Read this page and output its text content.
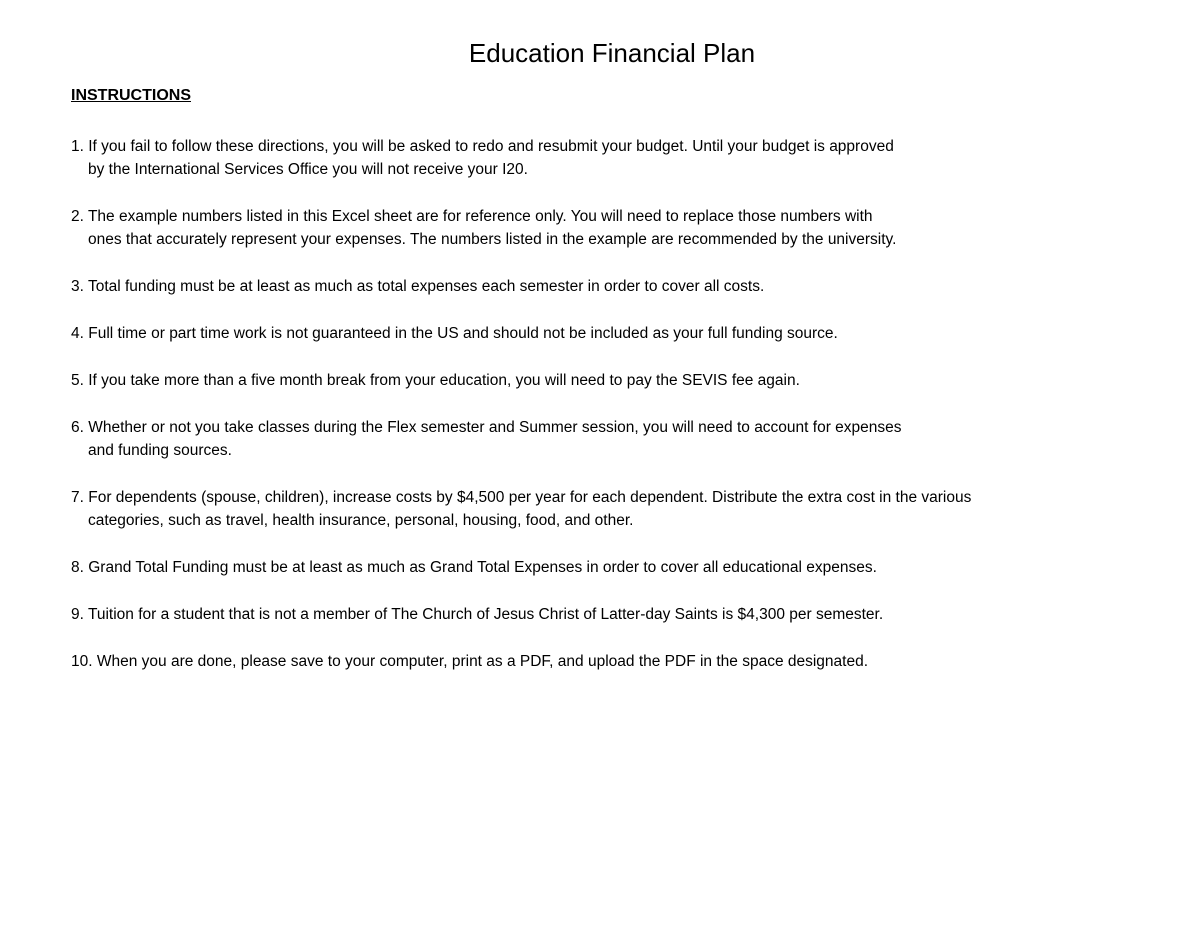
Education Financial Plan
INSTRUCTIONS
1. If you fail to follow these directions, you will be asked to redo and resubmit your budget. Until your budget is approved
by the International Services Office you will not receive your I20.
2. The example numbers listed in this Excel sheet are for reference only. You will need to replace those numbers with
ones that accurately represent your expenses. The numbers listed in the example are recommended by the university.
3. Total funding must be at least as much as total expenses each semester in order to cover all costs.
4. Full time or part time work is not guaranteed in the US and should not be included as your full funding source.
5. If you take more than a five month break from your education, you will need to pay the SEVIS fee again.
6. Whether or not you take classes during the Flex semester and Summer session, you will need to account for expenses
and funding sources.
7. For dependents (spouse, children), increase costs by $4,500 per year for each dependent. Distribute the extra cost in the various
categories, such as travel, health insurance, personal, housing, food, and other.
8. Grand Total Funding must be at least as much as Grand Total Expenses in order to cover all educational expenses.
9. Tuition for a student that is not a member of The Church of Jesus Christ of Latter-day Saints is $4,300 per semester.
10. When you are done, please save to your computer, print as a PDF, and upload the PDF in the space designated.
